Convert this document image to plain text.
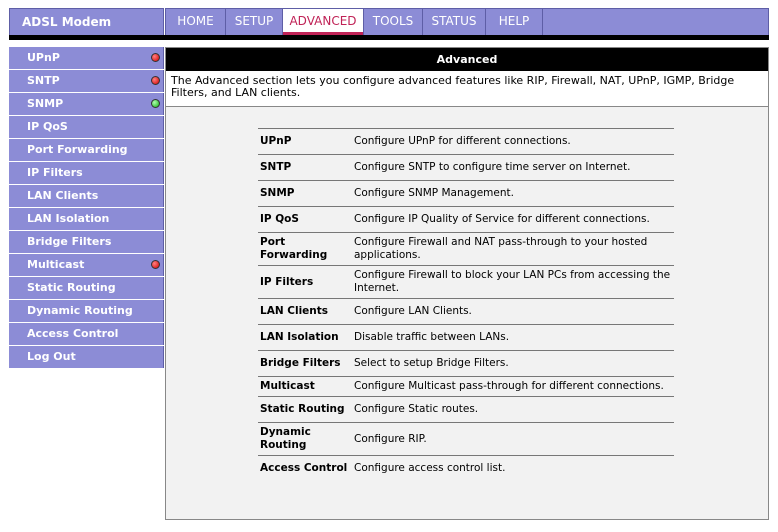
ADSL Modem	HOME	SETUP	ADVANCED	TOOLS	STATUS	HELP
UPnP
SNTP
SNMP
IP QoS
Port Forwarding
IP Filters
LAN Clients
LAN Isolation
Bridge Filters
Multicast
Static Routing
Dynamic Routing
Access Control
Log Out
Advanced
The Advanced section lets you configure advanced features like RIP, Firewall, NAT, UPnP, IGMP, Bridge Filters, and LAN clients.
UPnP	Configure UPnP for different connections.
SNTP	Configure SNTP to configure time server on Internet.
SNMP	Configure SNMP Management.
IP QoS	Configure IP Quality of Service for different connections.
Port Forwarding	Configure Firewall and NAT pass-through to your hosted applications.
IP Filters	Configure Firewall to block your LAN PCs from accessing the Internet.
LAN Clients	Configure LAN Clients.
LAN Isolation	Disable traffic between LANs.
Bridge Filters	Select to setup Bridge Filters.
Multicast	Configure Multicast pass-through for different connections.
Static Routing	Configure Static routes.
Dynamic Routing	Configure RIP.
Access Control	Configure access control list.
